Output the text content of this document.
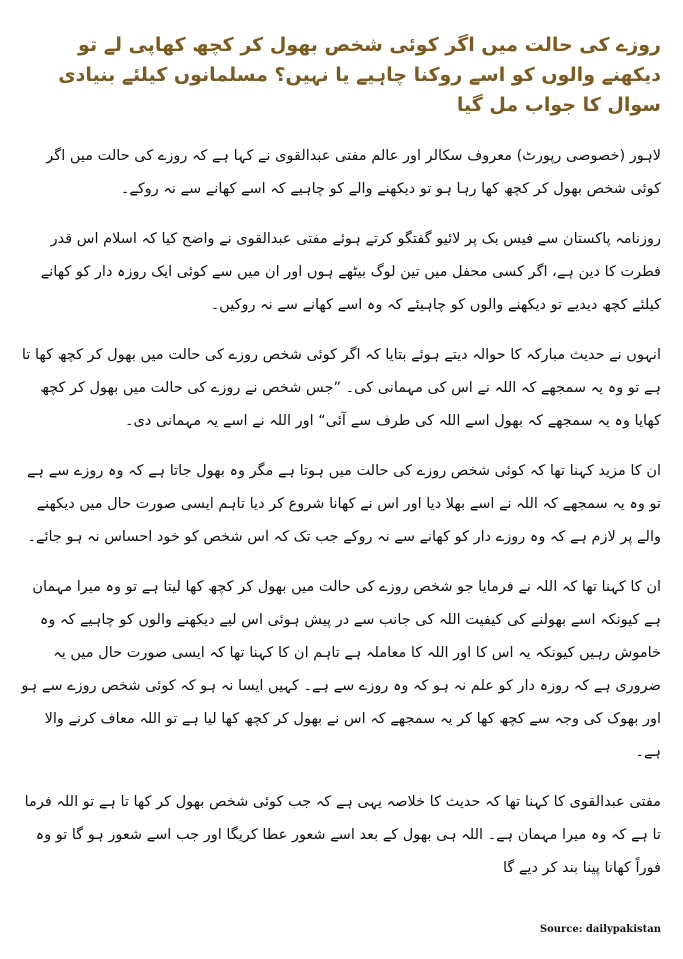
روزے کی حالت میں اگر کوئی شخص بھول کر کچھ کھاپی لے تو دیکھنے والوں کو اسے روکنا چاہیے یا نہیں؟ مسلمانوں کیلئے بنیادی سوال کا جواب مل گیا

لاہور (خصوصی رپورٹ) معروف سکالر اور عالم مفتی عبدالقوی نے کہا ہے کہ روزے کی حالت میں اگر کوئی شخص بھول کر کچھ کھا رہا ہو تو دیکھنے والے کو چاہیے کہ اسے کھانے سے نہ روکے۔

روزنامہ پاکستان سے فیس بک پر لائیو گفتگو کرتے ہوئے مفتی عبدالقوی نے واضح کیا کہ اسلام اس قدر فطرت کا دین ہے، اگر کسی محفل میں تین لوگ بیٹھے ہوں اور ان میں سے کوئی ایک روزہ دار کو کھانے کیلئے کچھ دیدیے تو دیکھنے والوں کو چاہیئے کہ وہ اسے کھانے سے نہ روکیں۔

انہوں نے حدیث مبارکہ کا حوالہ دیتے ہوئے بتایا کہ اگر کوئی شخص روزے کی حالت میں بھول کر کچھ کھا تا ہے تو وہ یہ سمجھے کہ اللہ نے اس کی مہمانی کی۔ ”جس شخص نے روزے کی حالت میں بھول کر کچھ کھایا وہ یہ سمجھے کہ بھول اسے اللہ کی طرف سے آئی“ اور اللہ نے اسے یہ مہمانی دی۔

ان کا مزید کہنا تھا کہ کوئی شخص روزے کی حالت میں ہوتا ہے مگر وہ بھول جاتا ہے کہ وہ روزے سے ہے تو وہ یہ سمجھے کہ اللہ نے اسے بھلا دیا اور اس نے کھانا شروع کر دیا تاہم ایسی صورت حال میں دیکھنے والے پر لازم ہے کہ وہ روزے دار کو کھانے سے نہ روکے جب تک کہ اس شخص کو خود احساس نہ ہو جائے۔

ان کا کہنا تھا کہ اللہ نے فرمایا جو شخص روزے کی حالت میں بھول کر کچھ کھا لیتا ہے تو وہ میرا مہمان ہے کیونکہ اسے بھولنے کی کیفیت اللہ کی جانب سے در پیش ہوئی اس لیے دیکھنے والوں کو چاہیے کہ وہ خاموش رہیں کیونکہ یہ اس کا اور اللہ کا معاملہ ہے تاہم ان کا کہنا تھا کہ ایسی صورت حال میں یہ ضروری ہے کہ روزہ دار کو علم نہ ہو کہ وہ روزے سے ہے۔ کہیں ایسا نہ ہو کہ کوئی شخص روزے سے ہو اور بھوک کی وجہ سے کچھ کھا کر یہ سمجھے کہ اس نے بھول کر کچھ کھا لیا ہے تو اللہ معاف کرنے والا ہے۔

مفتی عبدالقوی کا کہنا تھا کہ حدیث کا خلاصہ یہی ہے کہ جب کوئی شخص بھول کر کھا تا ہے تو اللہ فرما تا ہے کہ وہ میرا مہمان ہے۔ اللہ ہی بھول کے بعد اسے شعور عطا کریگا اور جب اسے شعور ہو گا تو وہ فوراً کھانا پینا بند کر دیے گا

Source: dailypakistan
